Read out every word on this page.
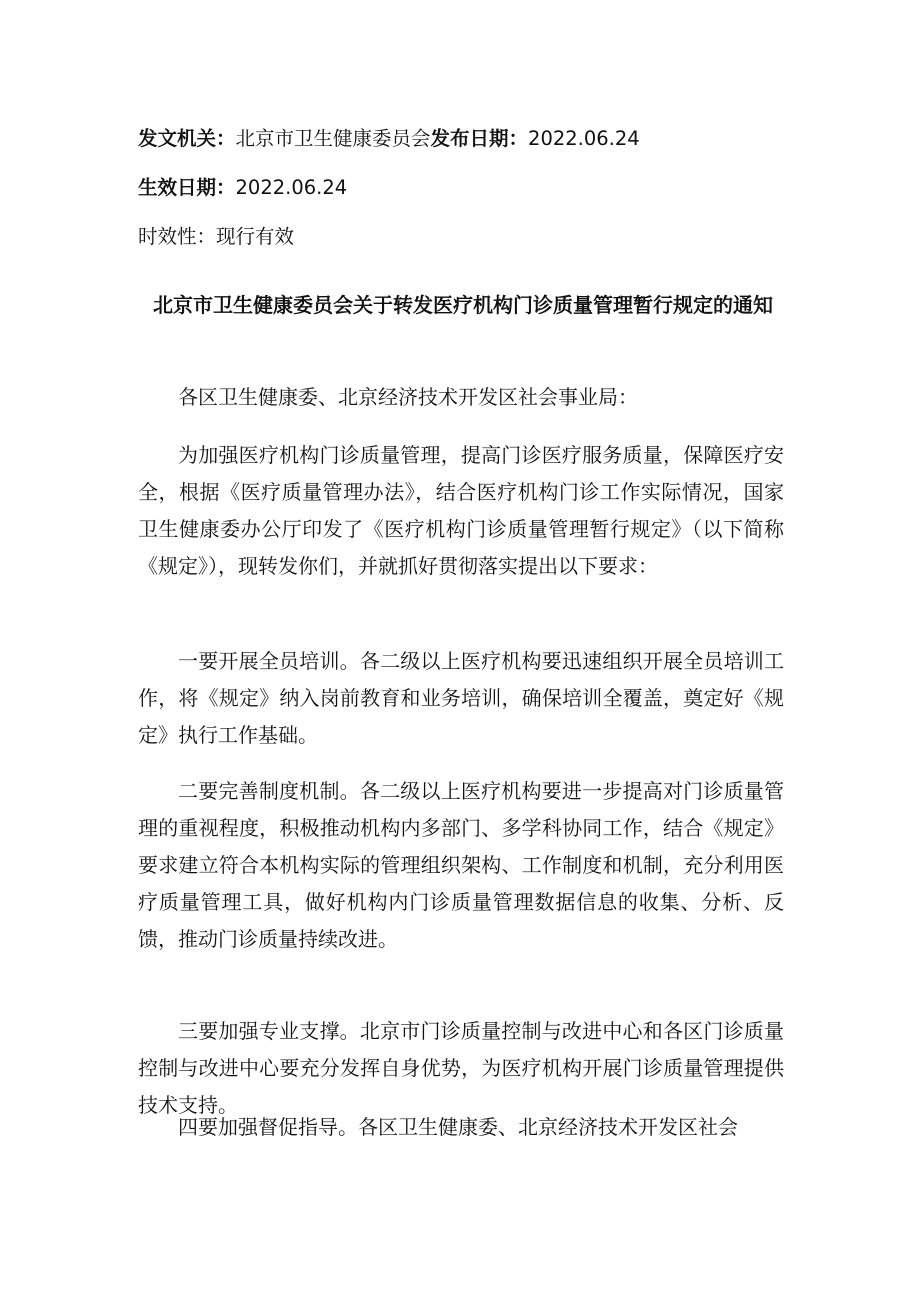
发文机关：北京市卫生健康委员会发布日期：2022.06.24
生效日期：2022.06.24
时效性：现行有效
北京市卫生健康委员会关于转发医疗机构门诊质量管理暂行规定的通知
各区卫生健康委、北京经济技术开发区社会事业局：
为加强医疗机构门诊质量管理，提高门诊医疗服务质量，保障医疗安全，根据《医疗质量管理办法》，结合医疗机构门诊工作实际情况，国家卫生健康委办公厅印发了《医疗机构门诊质量管理暂行规定》（以下简称《规定》），现转发你们，并就抓好贯彻落实提出以下要求：
一要开展全员培训。各二级以上医疗机构要迅速组织开展全员培训工作，将《规定》纳入岗前教育和业务培训，确保培训全覆盖，奠定好《规定》执行工作基础。
二要完善制度机制。各二级以上医疗机构要进一步提高对门诊质量管理的重视程度，积极推动机构内多部门、多学科协同工作，结合《规定》要求建立符合本机构实际的管理组织架构、工作制度和机制，充分利用医疗质量管理工具，做好机构内门诊质量管理数据信息的收集、分析、反馈，推动门诊质量持续改进。
三要加强专业支撑。北京市门诊质量控制与改进中心和各区门诊质量控制与改进中心要充分发挥自身优势，为医疗机构开展门诊质量管理提供技术支持。
四要加强督促指导。各区卫生健康委、北京经济技术开发区社会
